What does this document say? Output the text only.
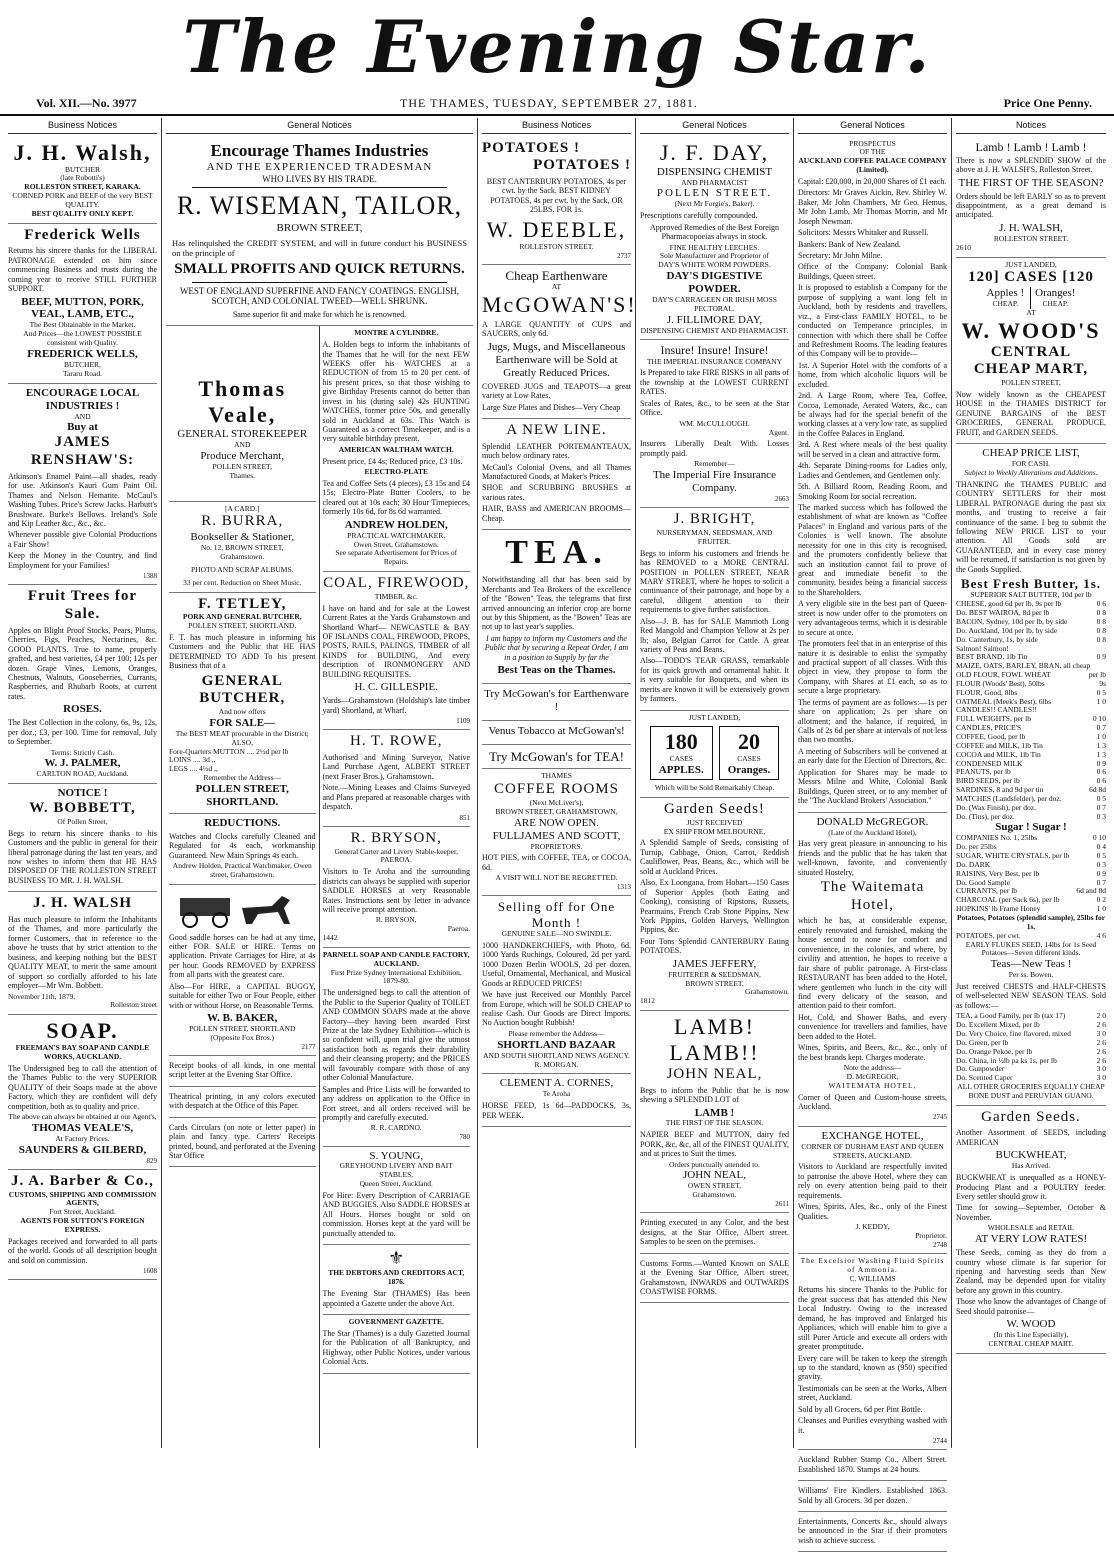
The Evening Star.
Vol. XII.—No. 3977	THE THAMES, TUESDAY, SEPTEMBER 27, 1881.	Price One Penny.
Business Notices
J. H. Walsh,
BUTCHER
(late Robotti's)
ROLLESTON STREET, KARAKA.
CORNED PORK and BEEF of the very BEST QUALITY.
BEST QUALITY ONLY KEPT.
Frederick Wells

Returns his sincere thanks for the LIBERAL PATRONAGE extended on him since commencing Business and trusts during the coming year to receive STILL FURTHER SUPPORT.

BEEF, MUTTON, PORK, VEAL, LAMB, ETC.,
The Best Obtainable in the Market.
And Prices—the LOWEST POSSIBLE consistent with Quality.
FREDERICK WELLS,
BUTCHER,
Tararu Road.
ENCOURAGE LOCAL INDUSTRIES !
AND
Buy at
JAMES RENSHAW'S:

Atkinson's Enamel Paint—all shades, ready for use. Atkinson's Kauri Gum Paint Oil. Thames and Nelson Hematite. McCaul's Washing Tubes. Price's Screw Jacks. Harbutt's Brushware. Burke's Bellows. Ireland's Sole and Kip Leather &c., &c., &c.

Whenever possible give Colonial Productions a Fair Show!

Keep the Money in the Country, and find Employment for your Families!

1388
Fruit Trees for Sale.

Apples on Blight Proof Stocks, Pears, Plums, Cherries, Figs, Peaches, Nectarines, &c. GOOD PLANTS. True to name, properly grafted, and best varieties, £4 per 100; 12s per dozen. Grape Vines, Lemons, Oranges, Chestnuts, Walnuts, Gooseberries, Currants, Raspberries, and Rhubarb Roots, at current rates.

ROSES.

The Best Collection in the colony, 6s, 9s, 12s, per doz.; £3, per 100. Time for removal, July to September.

Terms: Strictly Cash.
W. J. PALMER,
CARLTON ROAD, Auckland.
NOTICE !
W. BOBBETT,
Of Pollen Street,

Begs to return his sincere thanks to his Customers and the public in general for their liberal patronage during the last ten years, and now wishes to inform them that HE HAS DISPOSED OF THE ROLLESTON STREET BUSINESS TO MR. J. H. WALSH.

J. H. WALSH

Has much pleasure to inform the Inhabitants of the Thames, and more particularly the former Customers, that in reference to the above he trusts that by strict attention to the business, and keeping nothing but the BEST QUALITY MEAT, to merit the same amount of support so cordially afforded to his late employer—Mr Wm. Bobbett.

November 11th, 1879.
Rolleston street
SOAP.
FREEMAN'S BAY SOAP AND CANDLE WORKS, AUCKLAND.

The Undersigned beg to call the attention of the Thames Public to the very SUPERIOR QUALITY of their Soaps made at the above Factory, which they are confident will defy competition, both as to quality and price.

The above can always be obtained at our Agent's,
THOMAS VEALE'S,
At Factory Prices.
SAUNDERS & GILBERD,
829
J. A. Barber & Co.,
CUSTOMS, SHIPPING AND COMMISSION AGENTS,
Fort Street, Auckland.
AGENTS FOR SUTTON'S FOREIGN EXPRESS.

Packages received and forwarded to all parts of the world. Goods of all description bought and sold on commission.

1608
General Notices
Encourage Thames Industries
AND THE EXPERIENCED TRADESMAN
WHO LIVES BY HIS TRADE.
R. WISEMAN, TAILOR,
BROWN STREET,
Has relinquished the CREDIT SYSTEM, and will in future conduct his BUSINESS on the principle of
SMALL PROFITS AND QUICK RETURNS.
WEST OF ENGLAND SUPERFINE AND FANCY COATINGS. ENGLISH, SCOTCH, AND COLONIAL TWEED—WELL SHRUNK.
Same superior fit and make for which he is renowned.
Thomas Veale,
GENERAL STOREKEEPER
AND
Produce Merchant,
POLLEN STREET,
Thames.
[A CARD.]
R. BURRA,
Bookseller & Stationer,
No. 12, BROWN STREET,
Grahamstown.
PHOTO AND SCRAP ALBUMS.
33 per cent. Reduction on Sheet Music.
F. TETLEY,
PORK AND GENERAL BUTCHER,
POLLEN STREET, SHORTLAND.

F. T. has much pleasure in informing his Customers and the Public that HE HAS DETERMINED TO ADD To his present Business that of a

GENERAL BUTCHER,
And now offers
FOR SALE—
The BEST MEAT procurable in the District;
ALSO,
Fore-Quarters MUTTON .... 2½d per lb
LOINS .... 3d ,,
LEGS .... 4½d ,,
Remember the Address—
POLLEN STREET, SHORTLAND.
REDUCTIONS.

Watches and Clocks carefully Cleaned and Regulated for 4s each, workmanship Guaranteed. New Main Springs 4s each.

Andrew Holden, Practical Watchmaker, Owen street, Grahamstown.

Good saddle horses can be had at any time, either FOR SALE or HIRE. Terms on application. Private Carriages for Hire, at 4s per hour. Goods REMOVED by EXPRESS from all parts with the greatest care.

Also—For HIRE, a CAPITAL BUGGY, suitable for either Two or Four People, either with or without Horse, on Reasonable Terms.

W. B. BAKER,
POLLEN STREET, SHORTLAND
(Opposite Fox Bros.)
2177

Receipt books of all kinds, in one mental script letter at the Evening Star Office.

Theatrical printing, in any colors executed with despatch at the Office of this Paper.

Cards Circulars (on note or letter paper) in plain and fancy type. Carters' Receipts printed, bound, and perforated at the Evening Star Office

MONTRE A CYLINDRE.

A. Holden begs to inform the inhabitants of the Thames that he will for the next FEW WEEKS offer his WATCHES at a REDUCTION of from 15 to 20 per cent. of his present prices, so that those wishing to give Birthday Presents cannot do better than invest in his (during sale) 42s HUNTING WATCHES, former price 50s, and generally sold in Auckland at 63s. This Watch is Guaranteed as a correct Timekeeper, and is a very suitable birthday present.

AMERICAN WALTHAM WATCH.

Present price, £4 4s; Reduced price, £3 10s.

ELECTRO-PLATE

Tea and Coffee Sets (4 pieces), £3 15s and £4 15s; Electro-Plate Butter Coolers, to be cleared out at 10s each; 30 Hour Timepieces, formerly 10s 6d, for 8s 6d warranted.

ANDREW HOLDEN,
PRACTICAL WATCHMAKER,
Owen Street, Grahamstown.
See separate Advertisement for Prices of Repairs.
COAL, FIREWOOD,
TIMBER, &c.

I have on hand and for sale at the Lowest Current Rates at the Yards Grahamstown and Shortland Wharf— NEWCASTLE & BAY OF ISLANDS COAL, FIREWOOD, PROPS, POSTS, RAILS, PALINGS, TIMBER of all KINDS for BUILDING, And every description of IRONMONGERY AND BUILDING REQUISITES.

H. C. GILLESPIE.

Yards—Grahamstown (Holdship's late timber yard) Shortland, at Wharf.

1109
H. T. ROWE,

Authorised and Mining Surveyor, Native Land Purchase Agent, ALBERT STREET (next Fraser Bros.), Grahamstown.

Note.—Mining Leases and Claims Surveyed and Plans prepared at reasonable charges with despatch.

851
R. BRYSON,
General Carter and Livery Stable-keeper, PAEROA.

Visitors to Te Aroha and the surrounding districts can always be supplied with superior SADDLE HORSES at very Reasonable Rates. Instructions sent by letter in advance will receive prompt attention.

R. BRYSON,
Paeroa.
1442
PARNELL SOAP AND CANDLE FACTORY, AUCKLAND.
First Prize Sydney International Exhibition, 1879-80.

The undersigned begs to call the attention of the Public to the Superior Quality of TOILET AND COMMON SOAPS made at the above Factory—they having been awarded First Prize at the late Sydney Exhibition—which is so confident will, upon trial give the utmost satisfaction both as regards their durability and their cleansing property; and the PRICES will favourably compare with those of any other Colonial Manufacture.

Samples and Price Lists will be forwarded to any address on application to the Office in Fort street, and all orders received will be promptly and carefully executed.

R. R. CARDNO.
780
S. YOUNG,
GREYHOUND LIVERY AND BAIT STABLES,
Queen Street, Auckland.

For Hire: Every Description of CARRIAGE AND BUGGIES. Also SADDLE HORSES at All Hours. Horses bought or sold on commission. Horses kept at the yard will be punctually attended to.

⚜
THE DEBTORS AND CREDITORS ACT, 1876.

The Evening Star (THAMES) Has been appointed a Gazette under the above Act.

GOVERNMENT GAZETTE.

The Star (Thames) is a duly Gazetted Journal for the Publication of all Bankruptcy, and Highway, other Public Notices, under various Colonial Acts.

Business Notices
POTATOES !
POTATOES !

BEST CANTERBURY POTATOES, 4s per cwt. by the Sack. BEST KIDNEY POTATOES, 4s per cwt. by the Sack, OR 25LBS. FOR 1s.

W. DEEBLE,
ROLLESTON STREET.
2737
Cheap Earthenware
AT
McGOWAN'S!

A LARGE QUANTITY of CUPS and SAUCERS, only 6d.

Jugs, Mugs, and Miscellaneous Earthenware will be Sold at Greatly Reduced Prices.

COVERED JUGS and TEAPOTS—a great variety at Low Rates.

Large Size Plates and Dishes—Very Cheap

A NEW LINE.

Splendid LEATHER PORTEMANTEAUX, much below ordinary rates.

McCaul's Colonial Ovens, and all Thames Manufactured Goods, at Maker's Prices.

SHOE and SCRUBBING BRUSHES at various rates.

HAIR, BASS and AMERICAN BROOMS—Cheap.

TEA.

Notwithstanding all that has been said by Merchants and Tea Brokers of the excellence of the "Bowen" Teas, the telegrams that first arrived announcing an inferior crop are borne out by this Shipment, as the "Bowen" Teas are not up to last year's supplies.

I am happy to inform my Customers and the Public that by securing a Repeat Order, I am in a position to Supply by far the

Best Teas on the Thames.
Try McGowan's for Earthenware !
Venus Tobacco at McGowan's!
Try McGowan's for TEA!
THAMES
COFFEE ROOMS
(Next McLiver's),
BROWN STREET, GRAHAMSTOWN,
ARE NOW OPEN.
FULLJAMES AND SCOTT,
PROPRIETORS.

HOT PIES, with COFFEE, TEA, or COCOA, 6d.

A VISIT WILL NOT BE REGRETTED.
1313
Selling off for One Month !
GENUINE SALE—NO SWINDLE.

1000 HANDKERCHIEFS, with Photo, 6d. 1000 Yards Ruchings, Coloured, 2d per yard. 1000 Dozen Berlin WOOLS, 2d per dozen. Useful, Ornamental, Mechanical, and Musical Goods at REDUCED PRICES!

We have just Received our Monthly Parcel from Europe, which will be SOLD CHEAP to realise Cash. Our Goods are Direct Imports. No Auction bought Rubbish!

Please remember the Address—
SHORTLAND BAZAAR
AND SOUTH SHORTLAND NEWS AGENCY.
R. MORGAN.
CLEMENT A. CORNES,
Te Aroha

HORSE FEED, 1s 6d—PADDOCKS, 3s, PER WEEK.

General Notices
J. F. DAY,
DISPENSING CHEMIST
AND PHARMACIST
POLLEN STREET.
(Next Mr Forgie's, Baker).

Prescriptions carefully compounded.

Approved Remedies of the Best Foreign Pharmacopoeias always in stock.

FINE HEALTHY LEECHES.
Sole Manufacturer and Proprietor of
DAY'S WHITE WORM POWDERS.
DAY'S DIGESTIVE POWDER.
DAY'S CARRAGEEN OR IRISH MOSS PECTORAL.
J. FILLIMORE DAY,
DISPENSING CHEMIST AND PHARMACIST.
Insure! Insure! Insure!
THE IMPERIAL INSURANCE COMPANY

Is Prepared to take FIRE RISKS in all parts of the township at the LOWEST CURRENT RATES.

Scales of Rates, &c., to be seen at the Star Office.

WM. McCULLOUGH.
Agent.

Insurers Liberally Dealt With. Losses promptly paid.

Remember—
The Imperial Fire Insurance Company.
2663
J. BRIGHT,
NURSERYMAN, SEEDSMAN, AND FRUITER.

Begs to inform his customers and friends he has REMOVED to a MORE CENTRAL POSITION in POLLEN STREET, NEAR MARY STREET, where he hopes to solicit a continuance of their patronage, and hope by a careful, diligent attention to their requirements to give further satisfaction.

Also—J. B. has for SALE Mammoth Long Red Mangold and Champion Yellow at 2s per lb; also, Belgian Carrot for Cattle. A great variety of Peas and Beans.

Also—TODD'S TEAR GRASS, remarkable for its quick growth and ornamental habit. It is very suitable for Bouquets, and when its merits are known it will be extensively grown by farmers.

JUST LANDED,
180
CASES
APPLES.
20
CASES
Oranges.
Which will be Sold Remarkably Cheap.
Garden Seeds!
JUST RECEIVED
EX SHIP FROM MELBOURNE,

A Splendid Sample of Seeds, consisting of Turnip, Cabbage, Onion, Carrot, Reddish Cauliflower, Peas, Beans, &c., which will be sold at Auckland Prices.

Also, Ex Loongana, from Hobart—150 Cases of Superior Apples (both Eating and Cooking), consisting of Ripstons, Russets, Pearmains, French Crab Stone Pippins, New York Pippins, Golden Harveys, Wellington Pippins, &c.

Four Tons Splendid CANTERBURY Eating POTATOES.

JAMES JEFFERY,
FRUITERER & SEEDSMAN,
BROWN STREET,
Grahamstown.
1812
LAMB! LAMB!!
JOHN NEAL,

Begs to inform the Public that he is now shewing a SPLENDID LOT of

LAMB !
THE FIRST OF THE SEASON.

NAPIER BEEF and MUTTON, dairy fed PORK, &c, &c, all of the FINEST QUALITY, and at prices to Suit the times.

Orders punctually attended to.
JOHN NEAL,
OWEN STREET,
Grahamstown.
2611

Printing executed in any Color, and the best designs, at the Star Office, Albert street. Samples to be seen on the premises.

Customs Forms.—Wanted Known on SALE at the Evening Star Office, Albert street, Grahamstown, INWARDS and OUTWARDS COASTWISE FORMS.

General Notices
PROSPECTUS
OF THE
AUCKLAND COFFEE PALACE COMPANY (Limited).

Capital: £20,000, in 20,000 Shares of £1 each.

Directors: Mr Graves Aickin, Rev. Shirley W. Baker, Mr John Chambers, Mr Geo. Hemus, Mr John Lamb, Mr Thomas Morrin, and Mr Joseph Newman.

Solicitors: Messrs Whitaker and Russell.

Bankers: Bank of New Zealand.

Secretary: Mr John Milne.

Office of the Company: Colonial Bank Buildings, Queen street.

It is proposed to establish a Company for the purpose of supplying a want long felt in Auckland, both by residents and travellers, viz., a First-class FAMILY HOTEL, to be conducted on Temperance principles, in connection with which there shall be Coffee and Refreshment Rooms. The leading features of this Company will be to provide—

1st. A Superior Hotel with the comforts of a home, from which alcoholic liquors will be excluded.

2nd. A Large Room, where Tea, Coffee, Cocoa, Lemonade, Aerated Waters, &c., can be always had for the special benefit of the working classes at a very low rate, as supplied in the Coffee Palaces in England.

3rd. A Rest where meals of the best quality will be served in a clean and attractive form.

4th. Separate Dining-rooms for Ladies only, Ladies and Gentlemen, and Gentlemen only.

5th. A Billiard Room, Reading Room, and Smoking Room for social recreation.

The marked success which has followed the establishment of what are known as "Coffee Palaces" in England and various parts of the Colonies is well known. The absolute necessity for one in this city is recognised, and the promoters confidently believe that such an institution cannot fail to prove of great and immediate benefit to the community, besides being a financial success to the Shareholders.

A very eligible site in the best part of Queen-street is now under offer to the promoters on very advantageous terms, which it is desirable to secure at once.

The promoters feel that in an enterprise of this nature it is desirable to enlist the sympathy and practical support of all classes. With this object in view, they propose to form the Company, with Shares at £1 each, so as to secure a large proprietary.

The terms of payment are as follows:—1s per share on application; 2s per share on allotment; and the balance, if required, in Calls of 2s 6d per share at intervals of not less than two months.

A meeting of Subscribers will be convened at an early date for the Election of Directors, &c.

Application for Shares may be made to Messrs Milne and White, Colonial Bank Buildings, Queen street, or to any member of the "The Auckland Brokers' Association."

DONALD McGREGOR.
(Late of the Auckland Hotel),

Has very great pleasure in announcing to his friends and the public that he has taken that well-known, favorite, and conveniently situated Hostelry,

The Waitemata Hotel,

which he has, at considerable expense, entirely renovated and furnished, making the house second to none for comfort and convenience, in the colonies, and where, by civility and attention, he hopes to receive a fair share of public patronage. A First-class RESTAURANT has been added to the Hotel, where gentlemen who lunch in the city will find every delicacy of the season, and attention paid to their comfort.

Hot, Cold, and Shower Baths, and every convenience for travellers and families, have been added to the Hotel.

Wines, Spirits, and Beers, &c., &c., only of the best brands kept. Charges moderate.

Note the address—
D. McGREGOR,
WAITEMATA HOTEL,

Corner of Queen and Custom-house streets, Auckland.

2745
EXCHANGE HOTEL,
CORNER OF DURHAM EAST AND QUEEN STREETS, AUCKLAND.

Visitors to Auckland are respectfully invited to patronise the above Hotel, where they can rely on every attention being paid to their requirements.

Wines, Spirits, Ales, &c., only of the Finest Qualities.

J. KEDDY,
Proprietor.
2748
The Excelsior Washing Fluid Spirits of Ammonia.
C. WILLIAMS

Returns his sincere Thanks to the Public for the great success that has attended this New Local Industry. Owing to the increased demand, he has improved and Enlarged his Appliances, which will enable him to give a still Purer Article and execute all orders with greater promptitude.

Every care will be taken to keep the strength up to the standard, known as (950) specified gravity.

Testimonials can be seen at the Works, Albert street, Auckland.

Sold by all Grocers, 6d per Pint Bottle.

Cleanses and Purifies everything washed with it.

2744

Auckland Rubber Stamp Co., Albert Street. Established 1870. Stamps at 24 hours.

Williams' Fire Kindlers. Established 1863. Sold by all Grocers. 3d per dozen.

Entertainments, Concerts &c., should always be announced in the Star if their promoters wish to achieve success.

Notices
Lamb ! Lamb ! Lamb !

There is now a SPLENDID SHOW of the above at J. H. WALSH'S, Rolleston Street.

THE FIRST OF THE SEASON?

Orders should be left EARLY so as to prevent disappointment, as a great demand is anticipated.

J. H. WALSH,
ROLLESTON STREET.
2610
JUST LANDED,
120] CASES [120
Apples !
CHEAP.
Oranges!
CHEAP.
AT
W. WOOD'S
CENTRAL
CHEAP MART,
POLLEN STREET,

Now widely known as the CHEAPEST HOUSE in the THAMES DISTRICT for GENUINE BARGAINS of the BEST GROCERIES, GENERAL PRODUCE, FRUIT, and GARDEN SEEDS.

CHEAP PRICE LIST,
FOR CASH.
Subject to Weekly Alterations and Additions.

THANKING the THAMES PUBLIC and COUNTRY SETTLERS for their most LIBERAL PATRONAGE during the past six months, and trusting to receive a fair continuance of the same. I beg to submit the following NEW PRICE LIST to your attention. All Goods sold are GUARANTEED, and in every case money will be returned, if satisfaction is not given by the Goods Supplied.

Best Fresh Butter, 1s.
SUPERIOR SALT BUTTER, 10d per lb
CHEESE, good 6d per lb, 9s per lb	0 6
Do. BEST WAIROA, 8d per lb	0 8
BACON, Sydney, 10d per lb, by side	0 8
Do. Auckland, 10d per lb, by side	0 8
Do. Canterbury, 1s, by side	0 8
Salmon! Salmon!
BEST BRAND, 1lb Tin	0 9
MAIZE, OATS, BARLEY, BRAN, all cheap
OLD FLOUR, FOWL WHEAT	per lb
FLOUR (Woods' Best), 50lbs	9s
FLOUR, Good, 8lbs	0 5
OATMEAL (Meek's Best), 6lbs	1 0
CANDLES!! CANDLES!!
FULL WEIGHTS, per lb	0 10
CANDLES, PRICE'S	0 7
COFFEE, Good, per lb	1 0
COFFEE and MILK, 1lb Tin	1 3
COCOA and MILK, 1lb Tin	1 3
CONDENSED MILK	0 9
PEANUTS, per lb	0 6
BIRD SEEDS, per lb	0 6
SARDINES, 8 and 9d per tin	6d 8d
MATCHES (Landsfelder), per doz.	0 5
Do. (Wax Finish), per doz.	0 7
Do. (Tins), per doz.	0 3
Sugar ! Sugar !
COMPANIES No. 1, 25lbs	0 10
Do. per 25lbs	0 4
SUGAR, WHITE CRYSTALS, per lb	0 5
Do. DARK	0 3
RAISINS, Very Best, per lb	0 9
Do. Good Sample	0 7
CURRANTS, per lb	6d and 8d
CHARCOAL (per Sack 6s), per lb	0 2
HOPKINS' lb Frame Honey	1 0
Potatoes, Potatoes (splendid sample), 25lbs for 1s.
POTATOES, per cwt.	4 6
EARLY FLUKES SEED, 14lbs for 1s Seed Potatoes—Seven different kinds.
Teas—New Teas !
Per ss. Bowen,

Just received CHESTS and HALF-CHESTS of well-selected NEW SEASON TEAS. Sold as follows:—

TEA, a Good Family, per lb (tax 17)	2 0
Do. Excellent Mixed, per lb	2 6
Do. Very Choice, fine flavored, mixed	3 0
Do. Green, per lb	2 6
Do. Orange Pekoe, per lb	2 6
Do. China, in ½lb pa ks 1s, per lb	2 6
Do. Gunpowder	3 0
Do. Scented Caper	3 0
ALL OTHER GROCERIES EQUALLY CHEAP
BONE DUST and PERUVIAN GUANO.
Garden Seeds.

Another Assortment of SEEDS, including AMERICAN

BUCKWHEAT,
Has Arrived.

BUCKWHEAT is unequalled as a HONEY-Producing Plant and a POULTRY feeder. Every settler should grow it.

Time for sowing—September, October & November.

WHOLESALE and RETAIL
AT VERY LOW RATES!

These Seeds, coming as they do from a country whose climate is far superior for ripening and harvesting seeds than New Zealand, may be depended upon for vitality before any grown in this country.

Those who know the advantages of Change of Seed should patronise—

W. WOOD
(In this Line Especially),
CENTRAL CHEAP MART.
